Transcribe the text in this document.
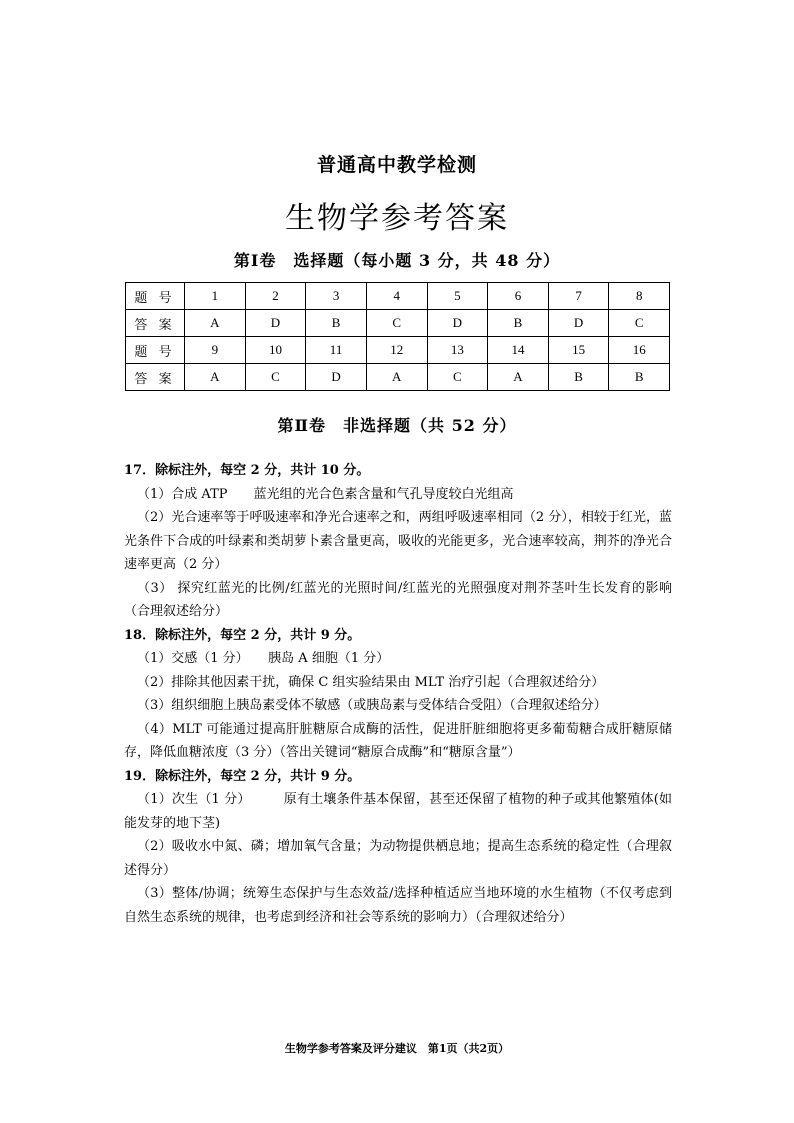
普通高中教学检测
生物学参考答案
第Ⅰ卷　选择题（每小题 3 分，共 48 分）
题 号	1	2	3	4	5	6	7	8
答 案	A	D	B	C	D	B	D	C
题 号	9	10	11	12	13	14	15	16
答 案	A	C	D	A	C	A	B	B
第Ⅱ卷　非选择题（共 52 分）

17．除标注外，每空 2 分，共计 10 分。

（1）合成 ATP　　蓝光组的光合色素含量和气孔导度较白光组高

（2）光合速率等于呼吸速率和净光合速率之和，两组呼吸速率相同（2 分），相较于红光，蓝光条件下合成的叶绿素和类胡萝卜素含量更高，吸收的光能更多，光合速率较高，荆芥的净光合速率更高（2 分）

（3） 探究红蓝光的比例/红蓝光的光照时间/红蓝光的光照强度对荆芥茎叶生长发育的影响（合理叙述给分）

18．除标注外，每空 2 分，共计 9 分。

（1）交感（1 分）　　胰岛 A 细胞（1 分）

（2）排除其他因素干扰，确保 C 组实验结果由 MLT 治疗引起（合理叙述给分）

（3）组织细胞上胰岛素受体不敏感（或胰岛素与受体结合受阻）（合理叙述给分）

（4）MLT 可能通过提高肝脏糖原合成酶的活性，促进肝脏细胞将更多葡萄糖合成肝糖原储存，降低血糖浓度（3 分）（答出关键词“糖原合成酶”和“糖原含量”）

19．除标注外，每空 2 分，共计 9 分。

（1）次生（1 分）　　　原有土壤条件基本保留，甚至还保留了植物的种子或其他繁殖体(如能发芽的地下茎)

（2）吸收水中氮、磷；增加氧气含量；为动物提供栖息地；提高生态系统的稳定性（合理叙述得分）

（3）整体/协调；统筹生态保护与生态效益/选择种植适应当地环境的水生植物（不仅考虑到自然生态系统的规律，也考虑到经济和社会等系统的影响力）（合理叙述给分）

生物学参考答案及评分建议　第1页（共2页）
